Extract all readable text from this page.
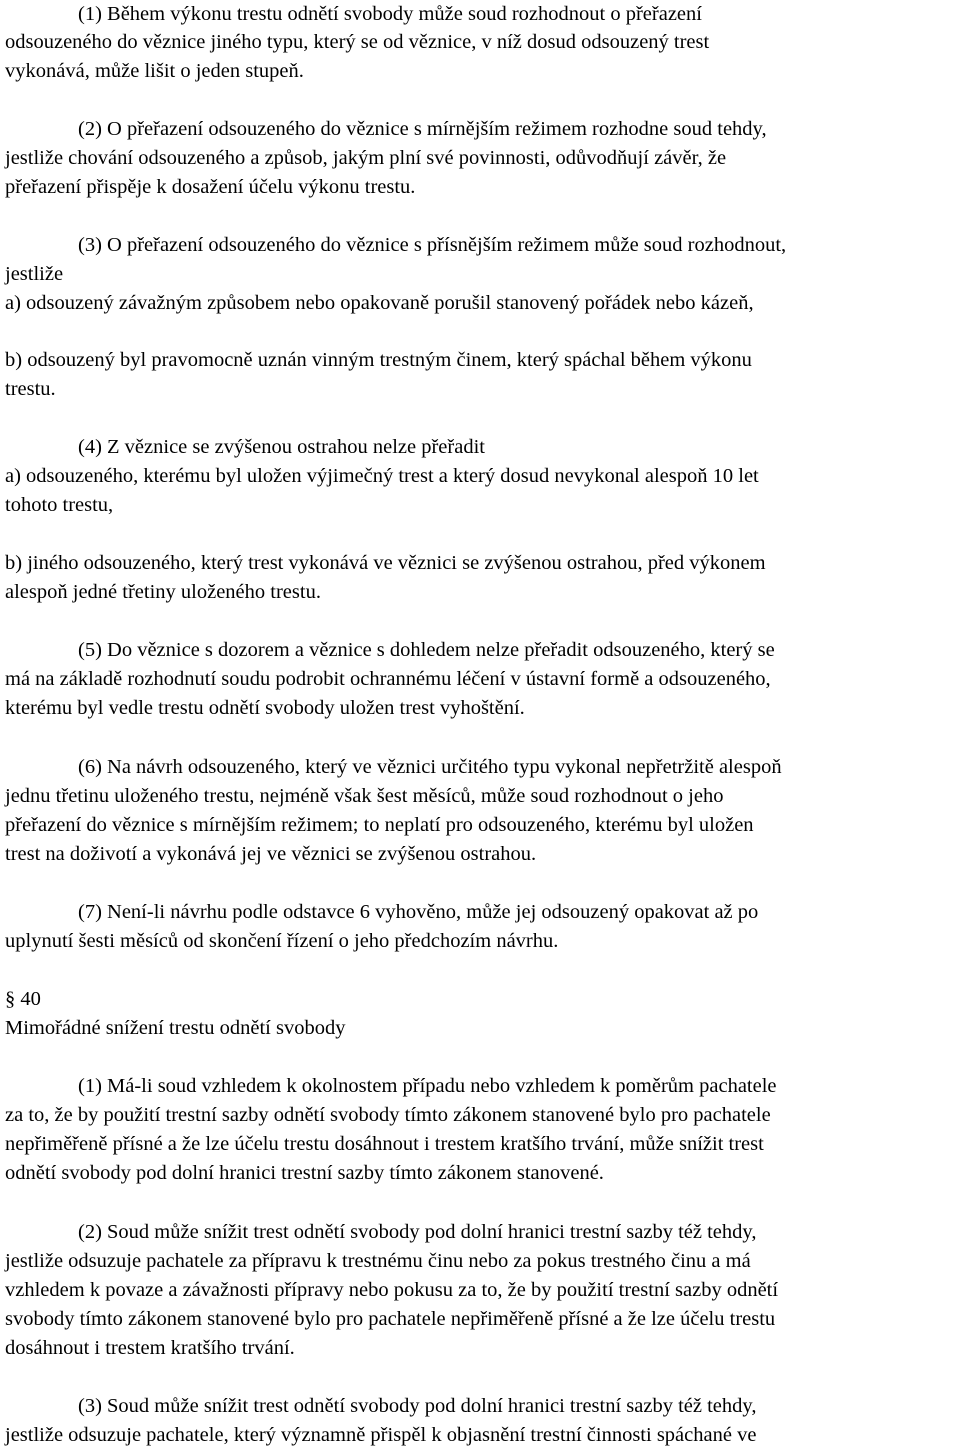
(1) Během výkonu trestu odnětí svobody může soud rozhodnout o přeřazení
odsouzeného do věznice jiného typu, který se od věznice, v níž dosud odsouzený trest
vykonává, může lišit o jeden stupeň.
(2) O přeřazení odsouzeného do věznice s mírnějším režimem rozhodne soud tehdy,
jestliže chování odsouzeného a způsob, jakým plní své povinnosti, odůvodňují závěr, že
přeřazení přispěje k dosažení účelu výkonu trestu.
(3) O přeřazení odsouzeného do věznice s přísnějším režimem může soud rozhodnout,
jestliže
a) odsouzený závažným způsobem nebo opakovaně porušil stanovený pořádek nebo kázeň,
b) odsouzený byl pravomocně uznán vinným trestným činem, který spáchal během výkonu
trestu.
(4) Z věznice se zvýšenou ostrahou nelze přeřadit
a) odsouzeného, kterému byl uložen výjimečný trest a který dosud nevykonal alespoň 10 let
tohoto trestu,
b) jiného odsouzeného, který trest vykonává ve věznici se zvýšenou ostrahou, před výkonem
alespoň jedné třetiny uloženého trestu.
(5) Do věznice s dozorem a věznice s dohledem nelze přeřadit odsouzeného, který se
má na základě rozhodnutí soudu podrobit ochrannému léčení v ústavní formě a odsouzeného,
kterému byl vedle trestu odnětí svobody uložen trest vyhoštění.
(6) Na návrh odsouzeného, který ve věznici určitého typu vykonal nepřetržitě alespoň
jednu třetinu uloženého trestu, nejméně však šest měsíců, může soud rozhodnout o jeho
přeřazení do věznice s mírnějším režimem; to neplatí pro odsouzeného, kterému byl uložen
trest na doživotí a vykonává jej ve věznici se zvýšenou ostrahou.
(7) Není-li návrhu podle odstavce 6 vyhověno, může jej odsouzený opakovat až po
uplynutí šesti měsíců od skončení řízení o jeho předchozím návrhu.
§ 40
Mimořádné snížení trestu odnětí svobody
(1) Má-li soud vzhledem k okolnostem případu nebo vzhledem k poměrům pachatele
za to, že by použití trestní sazby odnětí svobody tímto zákonem stanovené bylo pro pachatele
nepřiměřeně přísné a že lze účelu trestu dosáhnout i trestem kratšího trvání, může snížit trest
odnětí svobody pod dolní hranici trestní sazby tímto zákonem stanovené.
(2) Soud může snížit trest odnětí svobody pod dolní hranici trestní sazby též tehdy,
jestliže odsuzuje pachatele za přípravu k trestnému činu nebo za pokus trestného činu a má
vzhledem k povaze a závažnosti přípravy nebo pokusu za to, že by použití trestní sazby odnětí
svobody tímto zákonem stanovené bylo pro pachatele nepřiměřeně přísné a že lze účelu trestu
dosáhnout i trestem kratšího trvání.
(3) Soud může snížit trest odnětí svobody pod dolní hranici trestní sazby též tehdy,
jestliže odsuzuje pachatele, který významně přispěl k objasnění trestní činnosti spáchané ve
